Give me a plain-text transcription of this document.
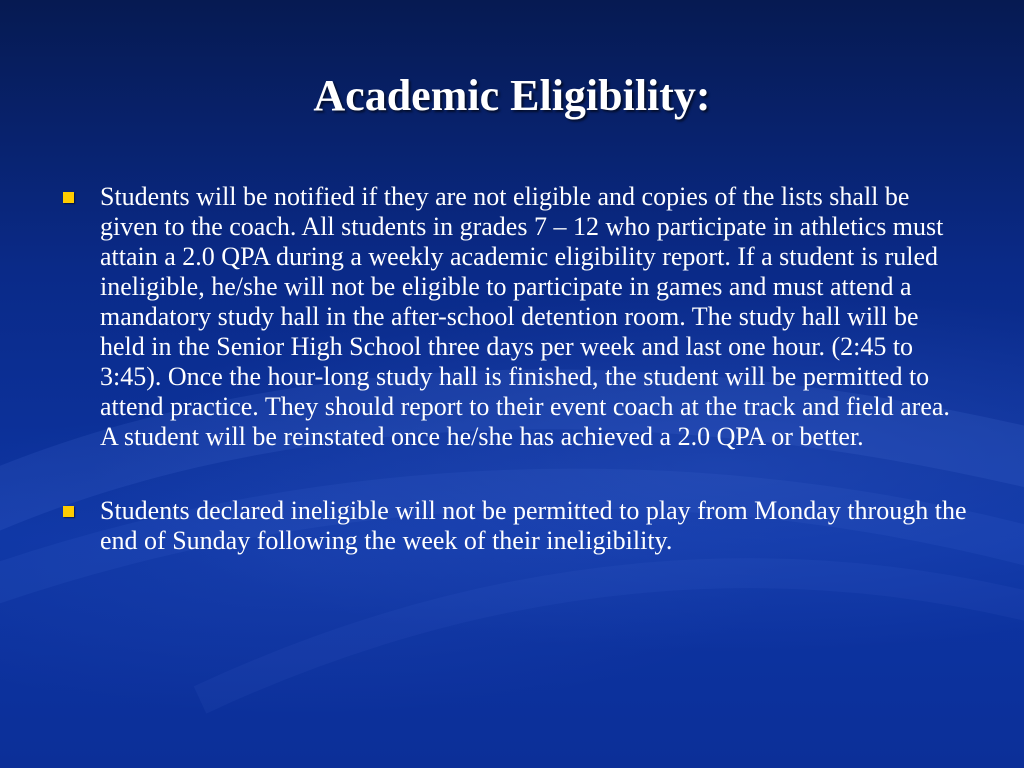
Academic Eligibility:
Students will be notified if they are not eligible and copies of the lists shall be given to the coach. All students in grades 7 – 12 who participate in athletics must attain a 2.0 QPA during a weekly academic eligibility report. If a student is ruled ineligible, he/she will not be eligible to participate in games and must attend a mandatory study hall in the after-school detention room. The study hall will be held in the Senior High School three days per week and last one hour. (2:45 to 3:45). Once the hour-long study hall is finished, the student will be permitted to attend practice. They should report to their event coach at the track and field area. A student will be reinstated once he/she has achieved a 2.0 QPA or better.
Students declared ineligible will not be permitted to play from Monday through the end of Sunday following the week of their ineligibility.
